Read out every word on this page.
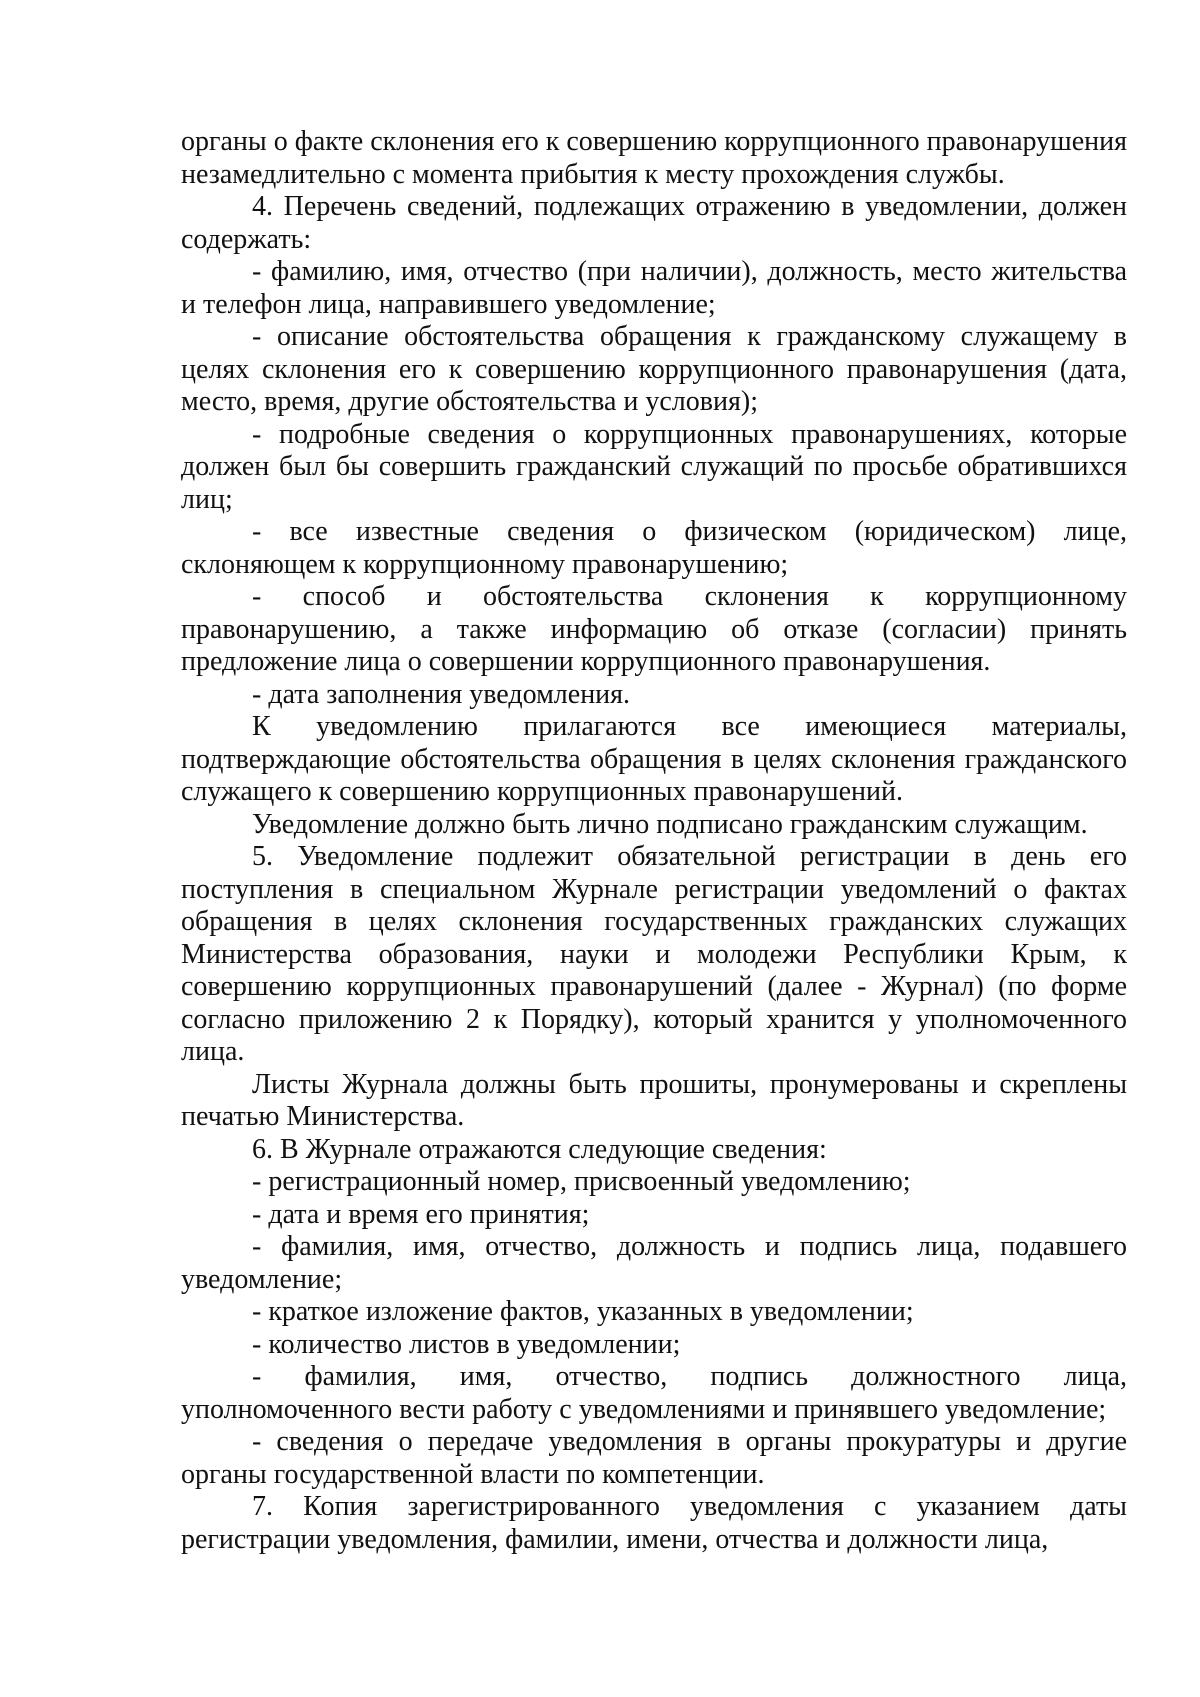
органы о факте склонения его к совершению коррупционного правонарушения незамедлительно с момента прибытия к месту прохождения службы.

4. Перечень сведений, подлежащих отражению в уведомлении, должен содержать:

- фамилию, имя, отчество (при наличии), должность, место жительства и телефон лица, направившего уведомление;

- описание обстоятельства обращения к гражданскому служащему в целях склонения его к совершению коррупционного правонарушения (дата, место, время, другие обстоятельства и условия);

- подробные сведения о коррупционных правонарушениях, которые должен был бы совершить гражданский служащий по просьбе обратившихся лиц;

- все известные сведения о физическом (юридическом) лице, склоняющем к коррупционному правонарушению;

- способ и обстоятельства склонения к коррупционному правонарушению, а также информацию об отказе (согласии) принять предложение лица о совершении коррупционного правонарушения.

- дата заполнения уведомления.

К уведомлению прилагаются все имеющиеся материалы, подтверждающие обстоятельства обращения в целях склонения гражданского служащего к совершению коррупционных правонарушений.

Уведомление должно быть лично подписано гражданским служащим.

5. Уведомление подлежит обязательной регистрации в день его поступления в специальном Журнале регистрации уведомлений о фактах обращения в целях склонения государственных гражданских служащих Министерства образования, науки и молодежи Республики Крым, к совершению коррупционных правонарушений (далее - Журнал) (по форме согласно приложению 2 к Порядку), который хранится у уполномоченного лица.

Листы Журнала должны быть прошиты, пронумерованы и скреплены печатью Министерства.

6. В Журнале отражаются следующие сведения:

- регистрационный номер, присвоенный уведомлению;

- дата и время его принятия;

- фамилия, имя, отчество, должность и подпись лица, подавшего уведомление;

- краткое изложение фактов, указанных в уведомлении;

- количество листов в уведомлении;

- фамилия, имя, отчество, подпись должностного лица, уполномоченного вести работу с уведомлениями и принявшего уведомление;

- сведения о передаче уведомления в органы прокуратуры и другие органы государственной власти по компетенции.

7. Копия зарегистрированного уведомления с указанием даты регистрации уведомления, фамилии, имени, отчества и должности лица,
